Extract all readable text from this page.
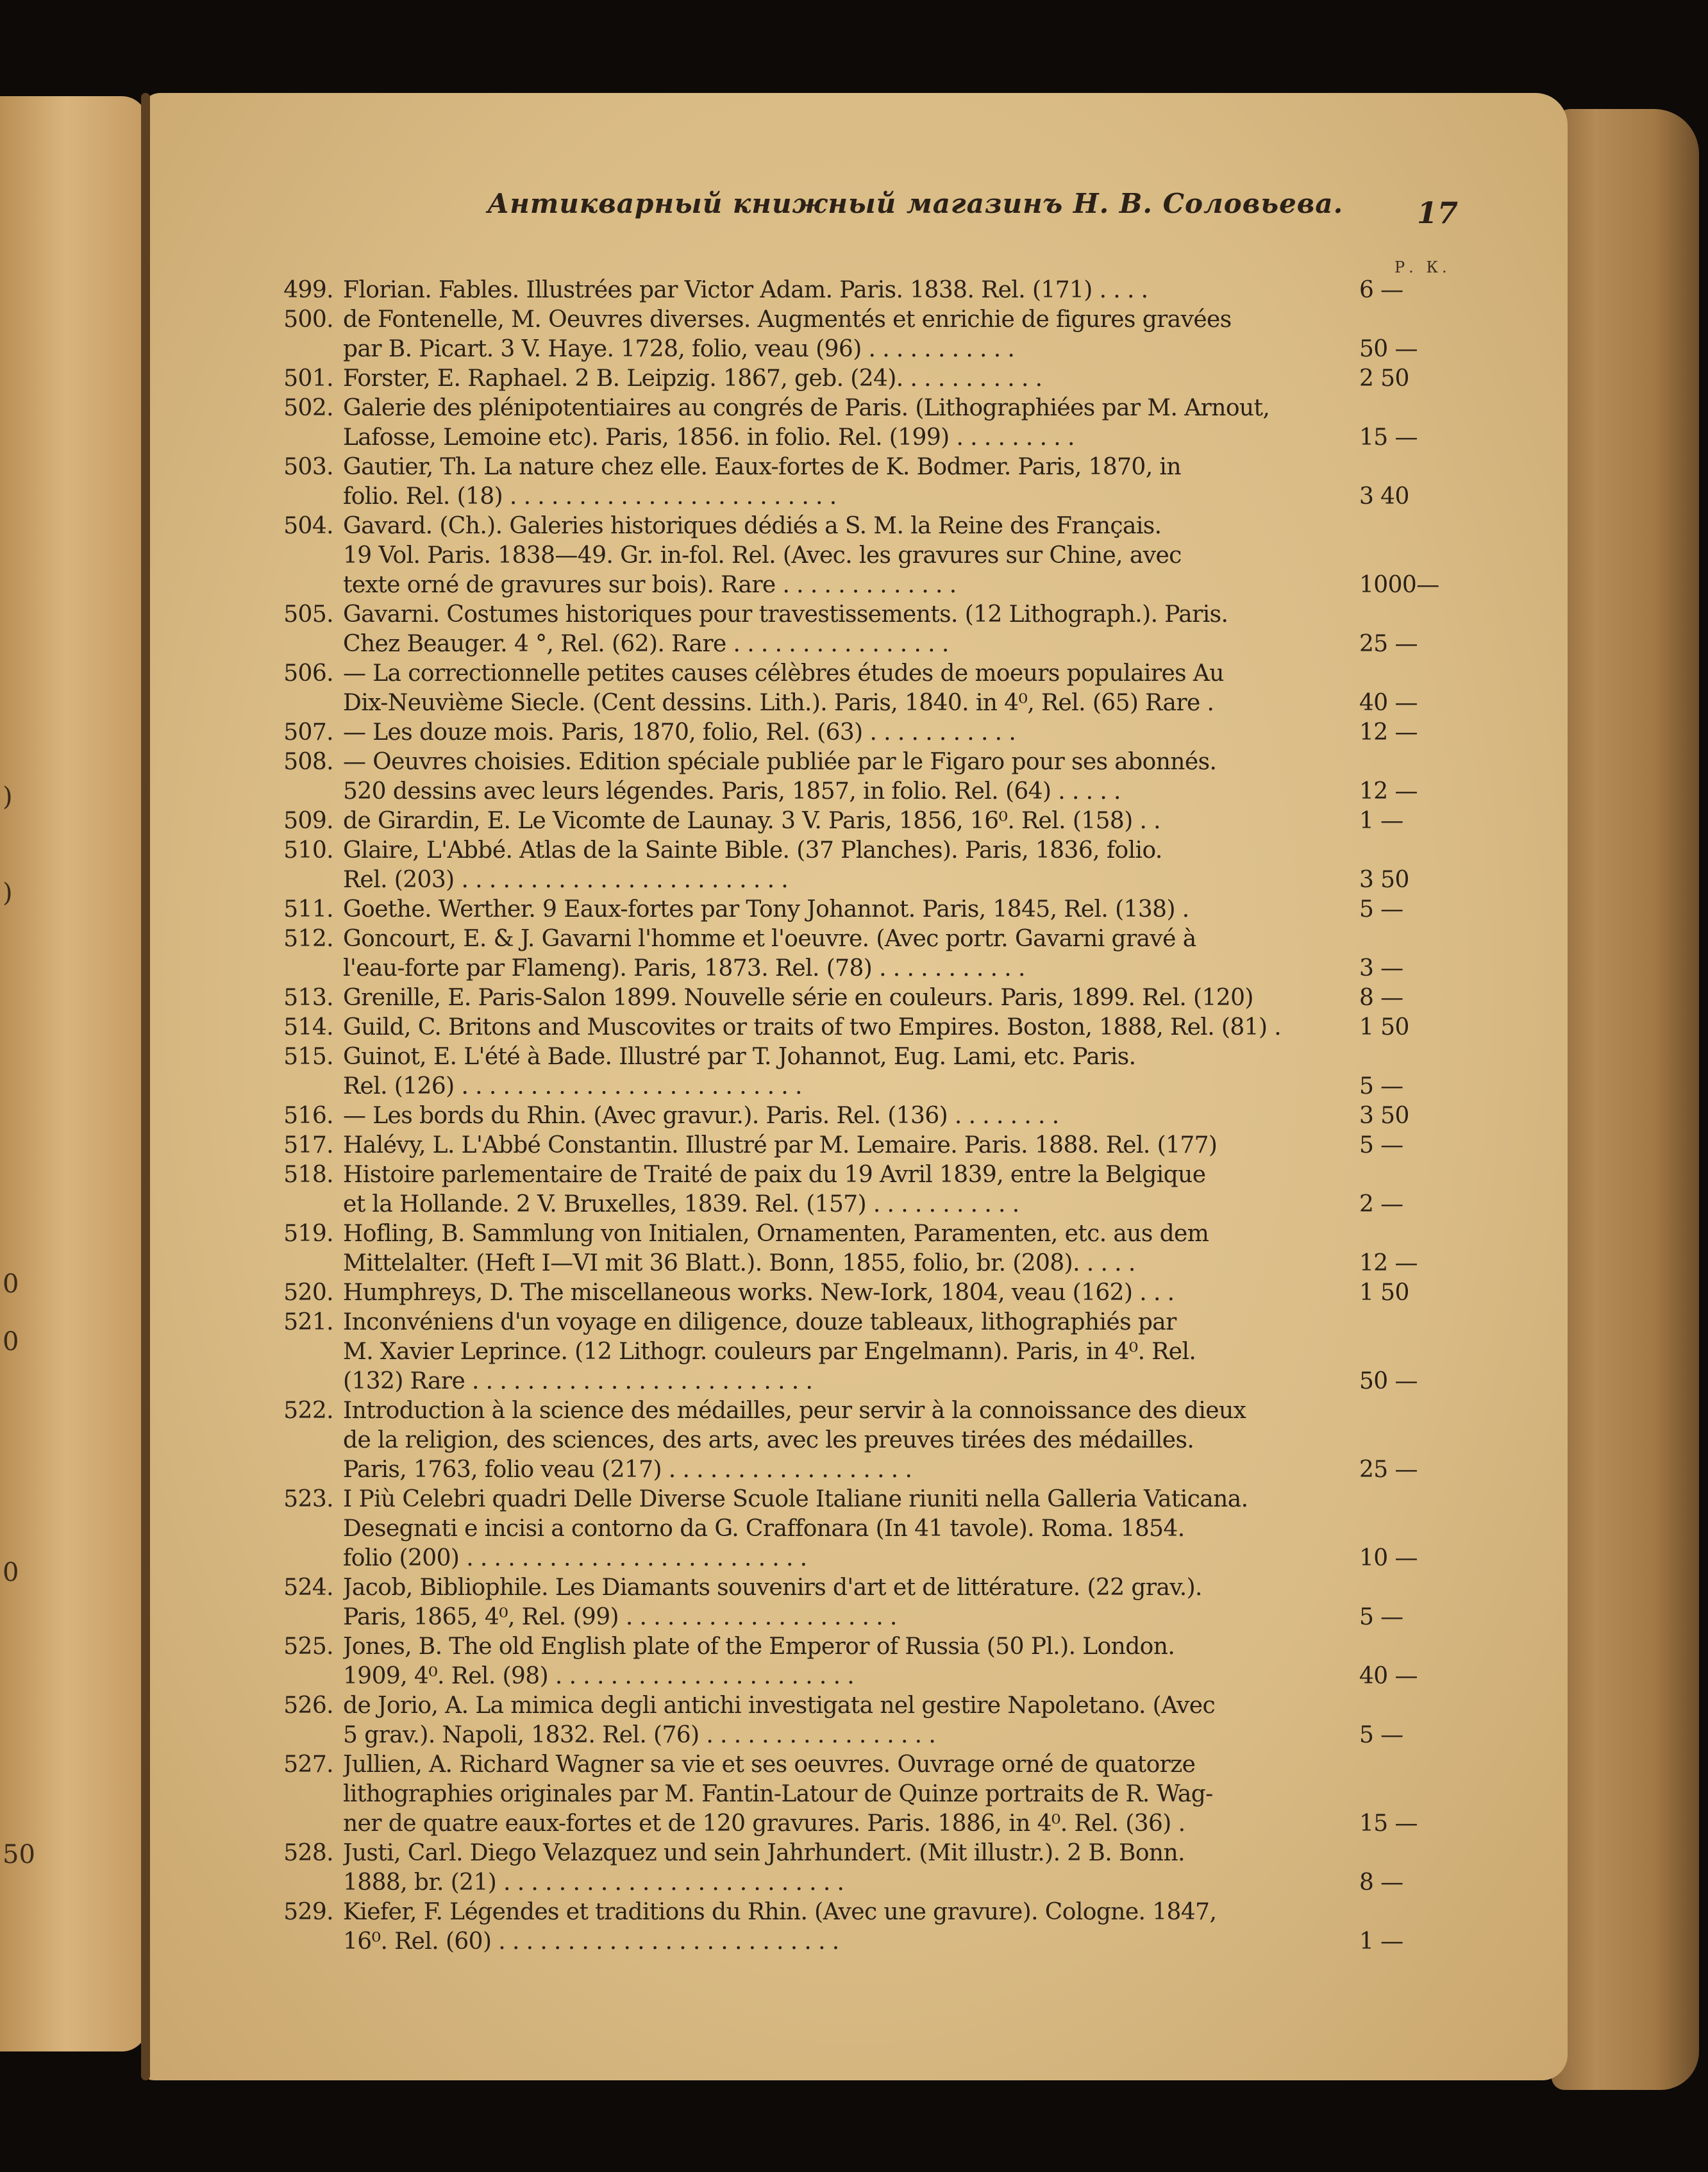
)
)
0
0
0
50
Антикварный книжный магазинъ Н. В. Соловьева. 17
Р. К.
499. Florian. Fables. Illustrées par Victor Adam. Paris. 1838. Rel. (171) . . . .	6 —
500. de Fontenelle, M. Oeuvres diverses. Augmentés et enrichie de figures gravées
par B. Picart. 3 V. Haye. 1728, folio, veau (96) . . . . . . . . . . .	50 —
501. Forster, E. Raphael. 2 B. Leipzig. 1867, geb. (24). . . . . . . . . . .	2 50
502. Galerie des plénipotentiaires au congrés de Paris. (Lithographiées par M. Arnout,
Lafosse, Lemoine etc). Paris, 1856. in folio. Rel. (199) . . . . . . . . .	15 —
503. Gautier, Th. La nature chez elle. Eaux-fortes de K. Bodmer. Paris, 1870, in
folio. Rel. (18) . . . . . . . . . . . . . . . . . . . . . . . .	3 40
504. Gavard. (Ch.). Galeries historiques dédiés a S. M. la Reine des Français.
19 Vol. Paris. 1838—49. Gr. in-fol. Rel. (Avec. les gravures sur Chine, avec
texte orné de gravures sur bois). Rare . . . . . . . . . . . . .	1000—
505. Gavarni. Costumes historiques pour travestissements. (12 Lithograph.). Paris.
Chez Beauger. 4 °, Rel. (62). Rare . . . . . . . . . . . . . . . .	25 —
506. — La correctionnelle petites causes célèbres études de moeurs populaires Au
Dix-Neuvième Siecle. (Cent dessins. Lith.). Paris, 1840. in 4⁰, Rel. (65) Rare .	40 —
507. — Les douze mois. Paris, 1870, folio, Rel. (63) . . . . . . . . . . .	12 —
508. — Oeuvres choisies. Edition spéciale publiée par le Figaro pour ses abonnés.
520 dessins avec leurs légendes. Paris, 1857, in folio. Rel. (64) . . . . .	12 —
509. de Girardin, E. Le Vicomte de Launay. 3 V. Paris, 1856, 16⁰. Rel. (158) . .	1 —
510. Glaire, L'Abbé. Atlas de la Sainte Bible. (37 Planches). Paris, 1836, folio.
Rel. (203) . . . . . . . . . . . . . . . . . . . . . . . .	3 50
511. Goethe. Werther. 9 Eaux-fortes par Tony Johannot. Paris, 1845, Rel. (138) .	5 —
512. Goncourt, E. & J. Gavarni l'homme et l'oeuvre. (Avec portr. Gavarni gravé à
l'eau-forte par Flameng). Paris, 1873. Rel. (78) . . . . . . . . . . .	3 —
513. Grenille, E. Paris-Salon 1899. Nouvelle série en couleurs. Paris, 1899. Rel. (120)	8 —
514. Guild, C. Britons and Muscovites or traits of two Empires. Boston, 1888, Rel. (81) .	1 50
515. Guinot, E. L'été à Bade. Illustré par T. Johannot, Eug. Lami, etc. Paris.
Rel. (126) . . . . . . . . . . . . . . . . . . . . . . . . .	5 —
516. — Les bords du Rhin. (Avec gravur.). Paris. Rel. (136) . . . . . . . .	3 50
517. Halévy, L. L'Abbé Constantin. Illustré par M. Lemaire. Paris. 1888. Rel. (177)	5 —
518. Histoire parlementaire de Traité de paix du 19 Avril 1839, entre la Belgique
et la Hollande. 2 V. Bruxelles, 1839. Rel. (157) . . . . . . . . . . .	2 —
519. Hofling, B. Sammlung von Initialen, Ornamenten, Paramenten, etc. aus dem
Mittelalter. (Heft I—VI mit 36 Blatt.). Bonn, 1855, folio, br. (208). . . . .	12 —
520. Humphreys, D. The miscellaneous works. New-Iork, 1804, veau (162) . . .	1 50
521. Inconvéniens d'un voyage en diligence, douze tableaux, lithographiés par
M. Xavier Leprince. (12 Lithogr. couleurs par Engelmann). Paris, in 4⁰. Rel.
(132) Rare . . . . . . . . . . . . . . . . . . . . . . . . .	50 —
522. Introduction à la science des médailles, peur servir à la connoissance des dieux
de la religion, des sciences, des arts, avec les preuves tirées des médailles.
Paris, 1763, folio veau (217) . . . . . . . . . . . . . . . . . .	25 —
523. I Più Celebri quadri Delle Diverse Scuole Italiane riuniti nella Galleria Vaticana.
Desegnati e incisi a contorno da G. Craffonara (In 41 tavole). Roma. 1854.
folio (200) . . . . . . . . . . . . . . . . . . . . . . . . .	10 —
524. Jacob, Bibliophile. Les Diamants souvenirs d'art et de littérature. (22 grav.).
Paris, 1865, 4⁰, Rel. (99) . . . . . . . . . . . . . . . . . . . .	5 —
525. Jones, B. The old English plate of the Emperor of Russia (50 Pl.). London.
1909, 4⁰. Rel. (98) . . . . . . . . . . . . . . . . . . . . . .	40 —
526. de Jorio, A. La mimica degli antichi investigata nel gestire Napoletano. (Avec
5 grav.). Napoli, 1832. Rel. (76) . . . . . . . . . . . . . . . . .	5 —
527. Jullien, A. Richard Wagner sa vie et ses oeuvres. Ouvrage orné de quatorze
lithographies originales par M. Fantin-Latour de Quinze portraits de R. Wag-
ner de quatre eaux-fortes et de 120 gravures. Paris. 1886, in 4⁰. Rel. (36) .	15 —
528. Justi, Carl. Diego Velazquez und sein Jahrhundert. (Mit illustr.). 2 B. Bonn.
1888, br. (21) . . . . . . . . . . . . . . . . . . . . . . . . .	8 —
529. Kiefer, F. Légendes et traditions du Rhin. (Avec une gravure). Cologne. 1847,
16⁰. Rel. (60) . . . . . . . . . . . . . . . . . . . . . . . . .	1 —
